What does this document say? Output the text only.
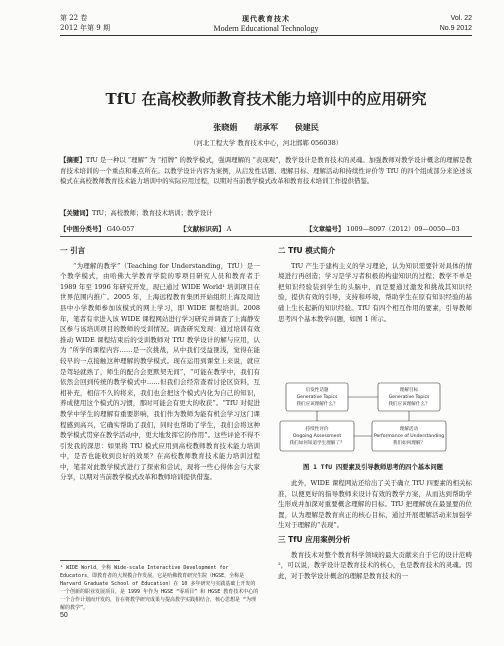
第 22 卷
2012 年第 9 期
现代教育技术
Modern Educational Technology
Vol. 22
No.9 2012
TfU 在高校教师教育技术能力培训中的应用研究
张晓娟 胡承军 侯建民
（河北工程大学 教育技术中心，河北邯郸 056038）
【摘要】TfU 是一种以 “理解” 为 “招牌” 的教学模式，强调理解的 “表现观”，教学设计是教育技术的灵魂。加强教师对教学设计概念的理解是教育技术培训的一个重点和难点所在。以教学设计内容为案例，从启发性话题、理解目标、理解活动和持续性评价等 TfU 的四个组成部分来论述该模式在高校教师教育技术能力培训中的实际应用过程，以期对当前教学模式改革和教育技术培训工作提供借鉴。
【关键词】TfU；高校教师；教育技术培训；教学设计
【中图分类号】 G40-057	【文献标识码】 A	【文章编号】 1009—8097（2012）09—0050—03
一 引言

“为理解的教学”（Teaching for Understanding，TfU）是一个教学模式，由哈佛大学教育学院的零项目研究人员和教育者于 1989 年至 1996 年研究开发，现已通过 WIDE World¹ 培训项目在世界范围内推广。2005 年，上海远程教育集团开始组织上海及周边县中小学教师参加该模式的网上学习，即 WIDE 课程培训。2008 年，笔者有幸进入该 WIDE 课程网站进行学习研究并调查了上海静安区参与该培训项目的教师的受训情况。调查研究发现：通过培训有效推动 WIDE 课程结束后的受训教师对 TfU 教学设计的解与应用，认为 “所学的课程内容……是一次挑战，从中我们受益匪浅，觉得在能较早的一点接触这种理解的教学模式。现在运用到课堂上来说，就应是驾轻就熟了，师生的配合会更默契无间”，“可能在教学中，我们有依然会回到传统的教学模式中……但我们会经常查看讨论区资料，互相补充，相信不久的将来，我们也会把这个模式内化为自己的知识，养成使用这个模式的习惯，那时可能会有更大的收获”。“TfU 对促进教学中学生的理解有重要影响，我们作为教师为能有机会学习这门课程感到高兴，它确实帮助了我们，同时也帮助了学生，我们会将这种教学模式贯穿在教学活动中，更大地发挥它的作用”。这些评论不得不引发我的深思：如果将 TfU 模式应用到高校教师教育技术能力培训中，是否也能收到良好的效果？在高校教师教育技术能力培训过程中，笔者对此教学模式进行了探索和尝试，现将一些心得体会与大家分享，以期对当前教学模式改革和教师培训提供借鉴。

¹ WIDE World，全称 Wide-scale Interactive Development for Educators，即教育者的大规模合作发展，它是哈佛教育研究生院（HGSE，全称是 Harvard Graduate School of Education）在 10 多年研究与实践基础上开发的一个创新的职业发展项目，是 1999 年作为 HGSE “零项目” 和 HGSE 教育技术中心的一个合作计划而开发的，旨在将教学研究成果与提高教学实践相结合，核心思想是 “为理解的教学”。
50
二 TfU 模式简介

TfU 产生于建构主义的学习理论，认为知识需要针对具体的情境进行再创造；学习是学习者积极的构建知识的过程；教学不单是把知识经验装到学生的头脑中，而是要通过激发和挑战其知识经验，提供有效的引导，支持和环境，帮助学生在原有知识经验的基础上生长起新的知识经验。TfU 有四个相互作用的要素，引导教师思考四个基本教学问题，如图 1 所示。

启发性话题
Generative Topics
我们应该理解什么？
理解目标
Generative Topics
我们应该理解什么？
持续性评价
Ongoing Assessment
我们如何知道学生理解了？
理解活动
Performance of Understanding
我们如何理解？
图 1 TfU 四要素及引导教师思考的四个基本问题

此外，WIDE 课程网站还给出了关于确立 TfU 四要素的相关标准，以便更好的指导教师来设计有效的教学方案，从而达到帮助学生形成并加深对重要概念理解的目标。TfU 把理解放在最显要的位置，认为理解是教育真正的核心目标，通过开展理解活动来加强学生对于理解的“表现”。

三 TfU 应用案例分析

教育技术对整个教育科学领域的最大贡献来自于它的设计范畴²，可以说，教学设计是教育技术的核心，也是教育技术的灵魂。因此，对于教学设计概念的理解是教育技术的一
